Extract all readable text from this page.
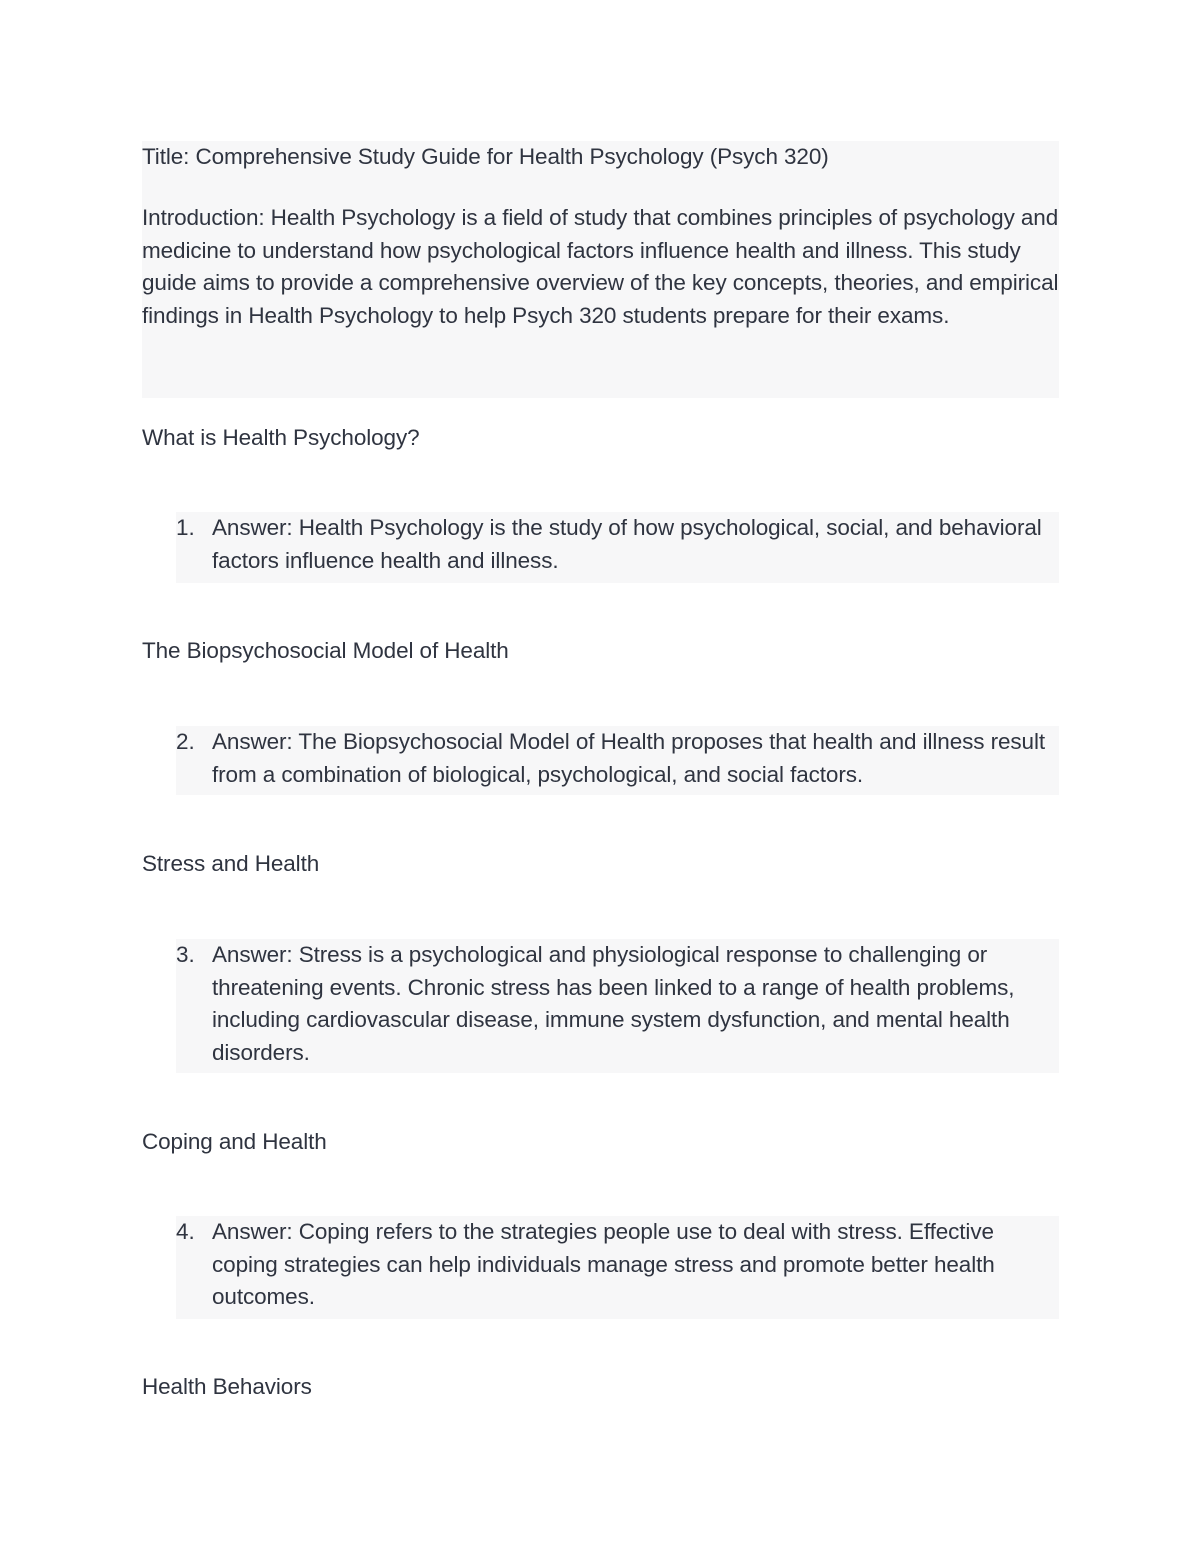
Title: Comprehensive Study Guide for Health Psychology (Psych 320)

Introduction: Health Psychology is a field of study that combines principles of psychology and medicine to understand how psychological factors influence health and illness. This study guide aims to provide a comprehensive overview of the key concepts, theories, and empirical findings in Health Psychology to help Psych 320 students prepare for their exams.

What is Health Psychology?

1. Answer: Health Psychology is the study of how psychological, social, and behavioral factors influence health and illness.

The Biopsychosocial Model of Health

2. Answer: The Biopsychosocial Model of Health proposes that health and illness result from a combination of biological, psychological, and social factors.

Stress and Health

3. Answer: Stress is a psychological and physiological response to challenging or threatening events. Chronic stress has been linked to a range of health problems, including cardiovascular disease, immune system dysfunction, and mental health disorders.

Coping and Health

4. Answer: Coping refers to the strategies people use to deal with stress. Effective coping strategies can help individuals manage stress and promote better health outcomes.

Health Behaviors
